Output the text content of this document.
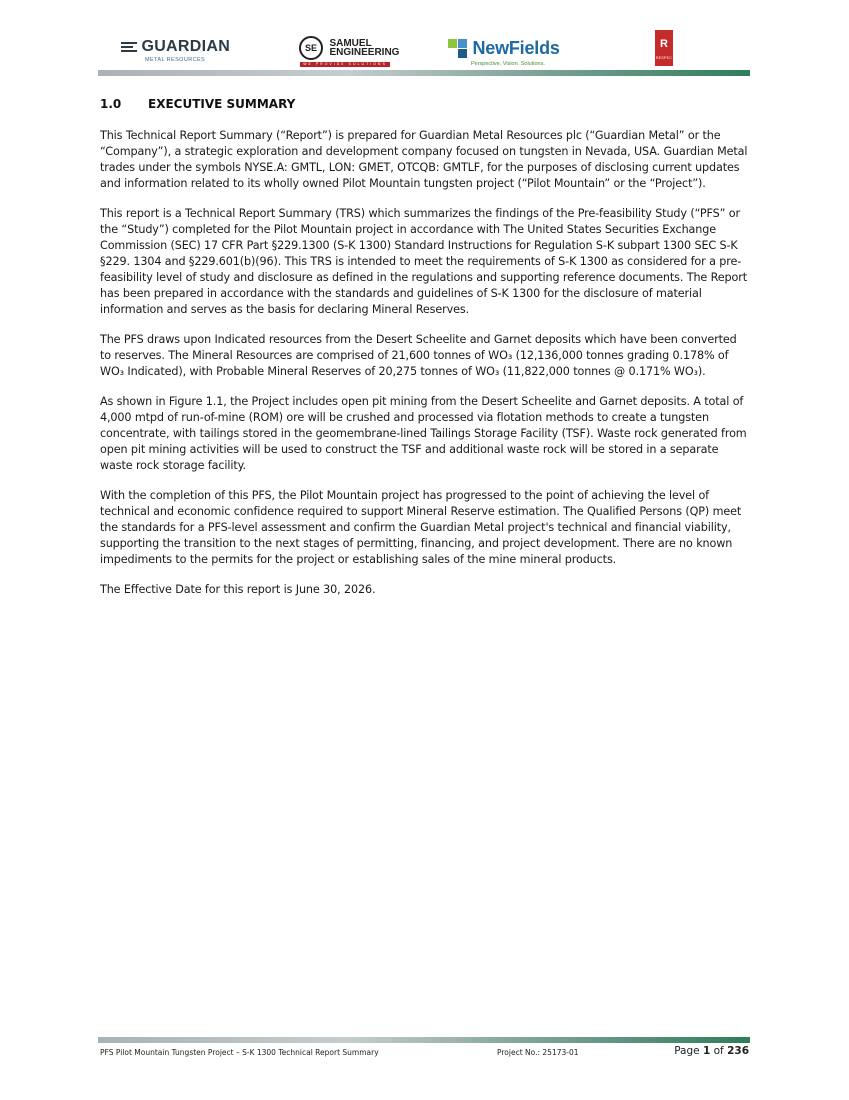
GUARDIAN
METAL RESOURCES
SE SAMUEL
ENGINEERING
WE PROVIDE SOLUTIONS
NewFields
Perspective. Vision. Solutions.
R
RESPEC
1.0 EXECUTIVE SUMMARY

This Technical Report Summary (“Report”) is prepared for Guardian Metal Resources plc (“Guardian Metal” or the “Company”), a strategic exploration and development company focused on tungsten in Nevada, USA. Guardian Metal trades under the symbols NYSE.A: GMTL, LON: GMET, OTCQB: GMTLF, for the purposes of disclosing current updates and information related to its wholly owned Pilot Mountain tungsten project (“Pilot Mountain” or the “Project”).

This report is a Technical Report Summary (TRS) which summarizes the findings of the Pre-feasibility Study (“PFS” or the “Study”) completed for the Pilot Mountain project in accordance with The United States Securities Exchange Commission (SEC) 17 CFR Part §229.1300 (S-K 1300) Standard Instructions for Regulation S-K subpart 1300 SEC S-K §229. 1304 and §229.601(b)(96). This TRS is intended to meet the requirements of S-K 1300 as considered for a pre-feasibility level of study and disclosure as defined in the regulations and supporting reference documents. The Report has been prepared in accordance with the standards and guidelines of S-K 1300 for the disclosure of material information and serves as the basis for declaring Mineral Reserves.

The PFS draws upon Indicated resources from the Desert Scheelite and Garnet deposits which have been converted to reserves. The Mineral Resources are comprised of 21,600 tonnes of WO₃ (12,136,000 tonnes grading 0.178% of WO₃ Indicated), with Probable Mineral Reserves of 20,275 tonnes of WO₃ (11,822,000 tonnes @ 0.171% WO₃).

As shown in Figure 1.1, the Project includes open pit mining from the Desert Scheelite and Garnet deposits. A total of 4,000 mtpd of run-of-mine (ROM) ore will be crushed and processed via flotation methods to create a tungsten concentrate, with tailings stored in the geomembrane-lined Tailings Storage Facility (TSF). Waste rock generated from open pit mining activities will be used to construct the TSF and additional waste rock will be stored in a separate waste rock storage facility.

With the completion of this PFS, the Pilot Mountain project has progressed to the point of achieving the level of technical and economic confidence required to support Mineral Reserve estimation. The Qualified Persons (QP) meet the standards for a PFS-level assessment and confirm the Guardian Metal project's technical and financial viability, supporting the transition to the next stages of permitting, financing, and project development. There are no known impediments to the permits for the project or establishing sales of the mine mineral products.

The Effective Date for this report is June 30, 2026.

PFS Pilot Mountain Tungsten Project – S-K 1300 Technical Report Summary	Project No.: 25173-01	Page 1 of 236
